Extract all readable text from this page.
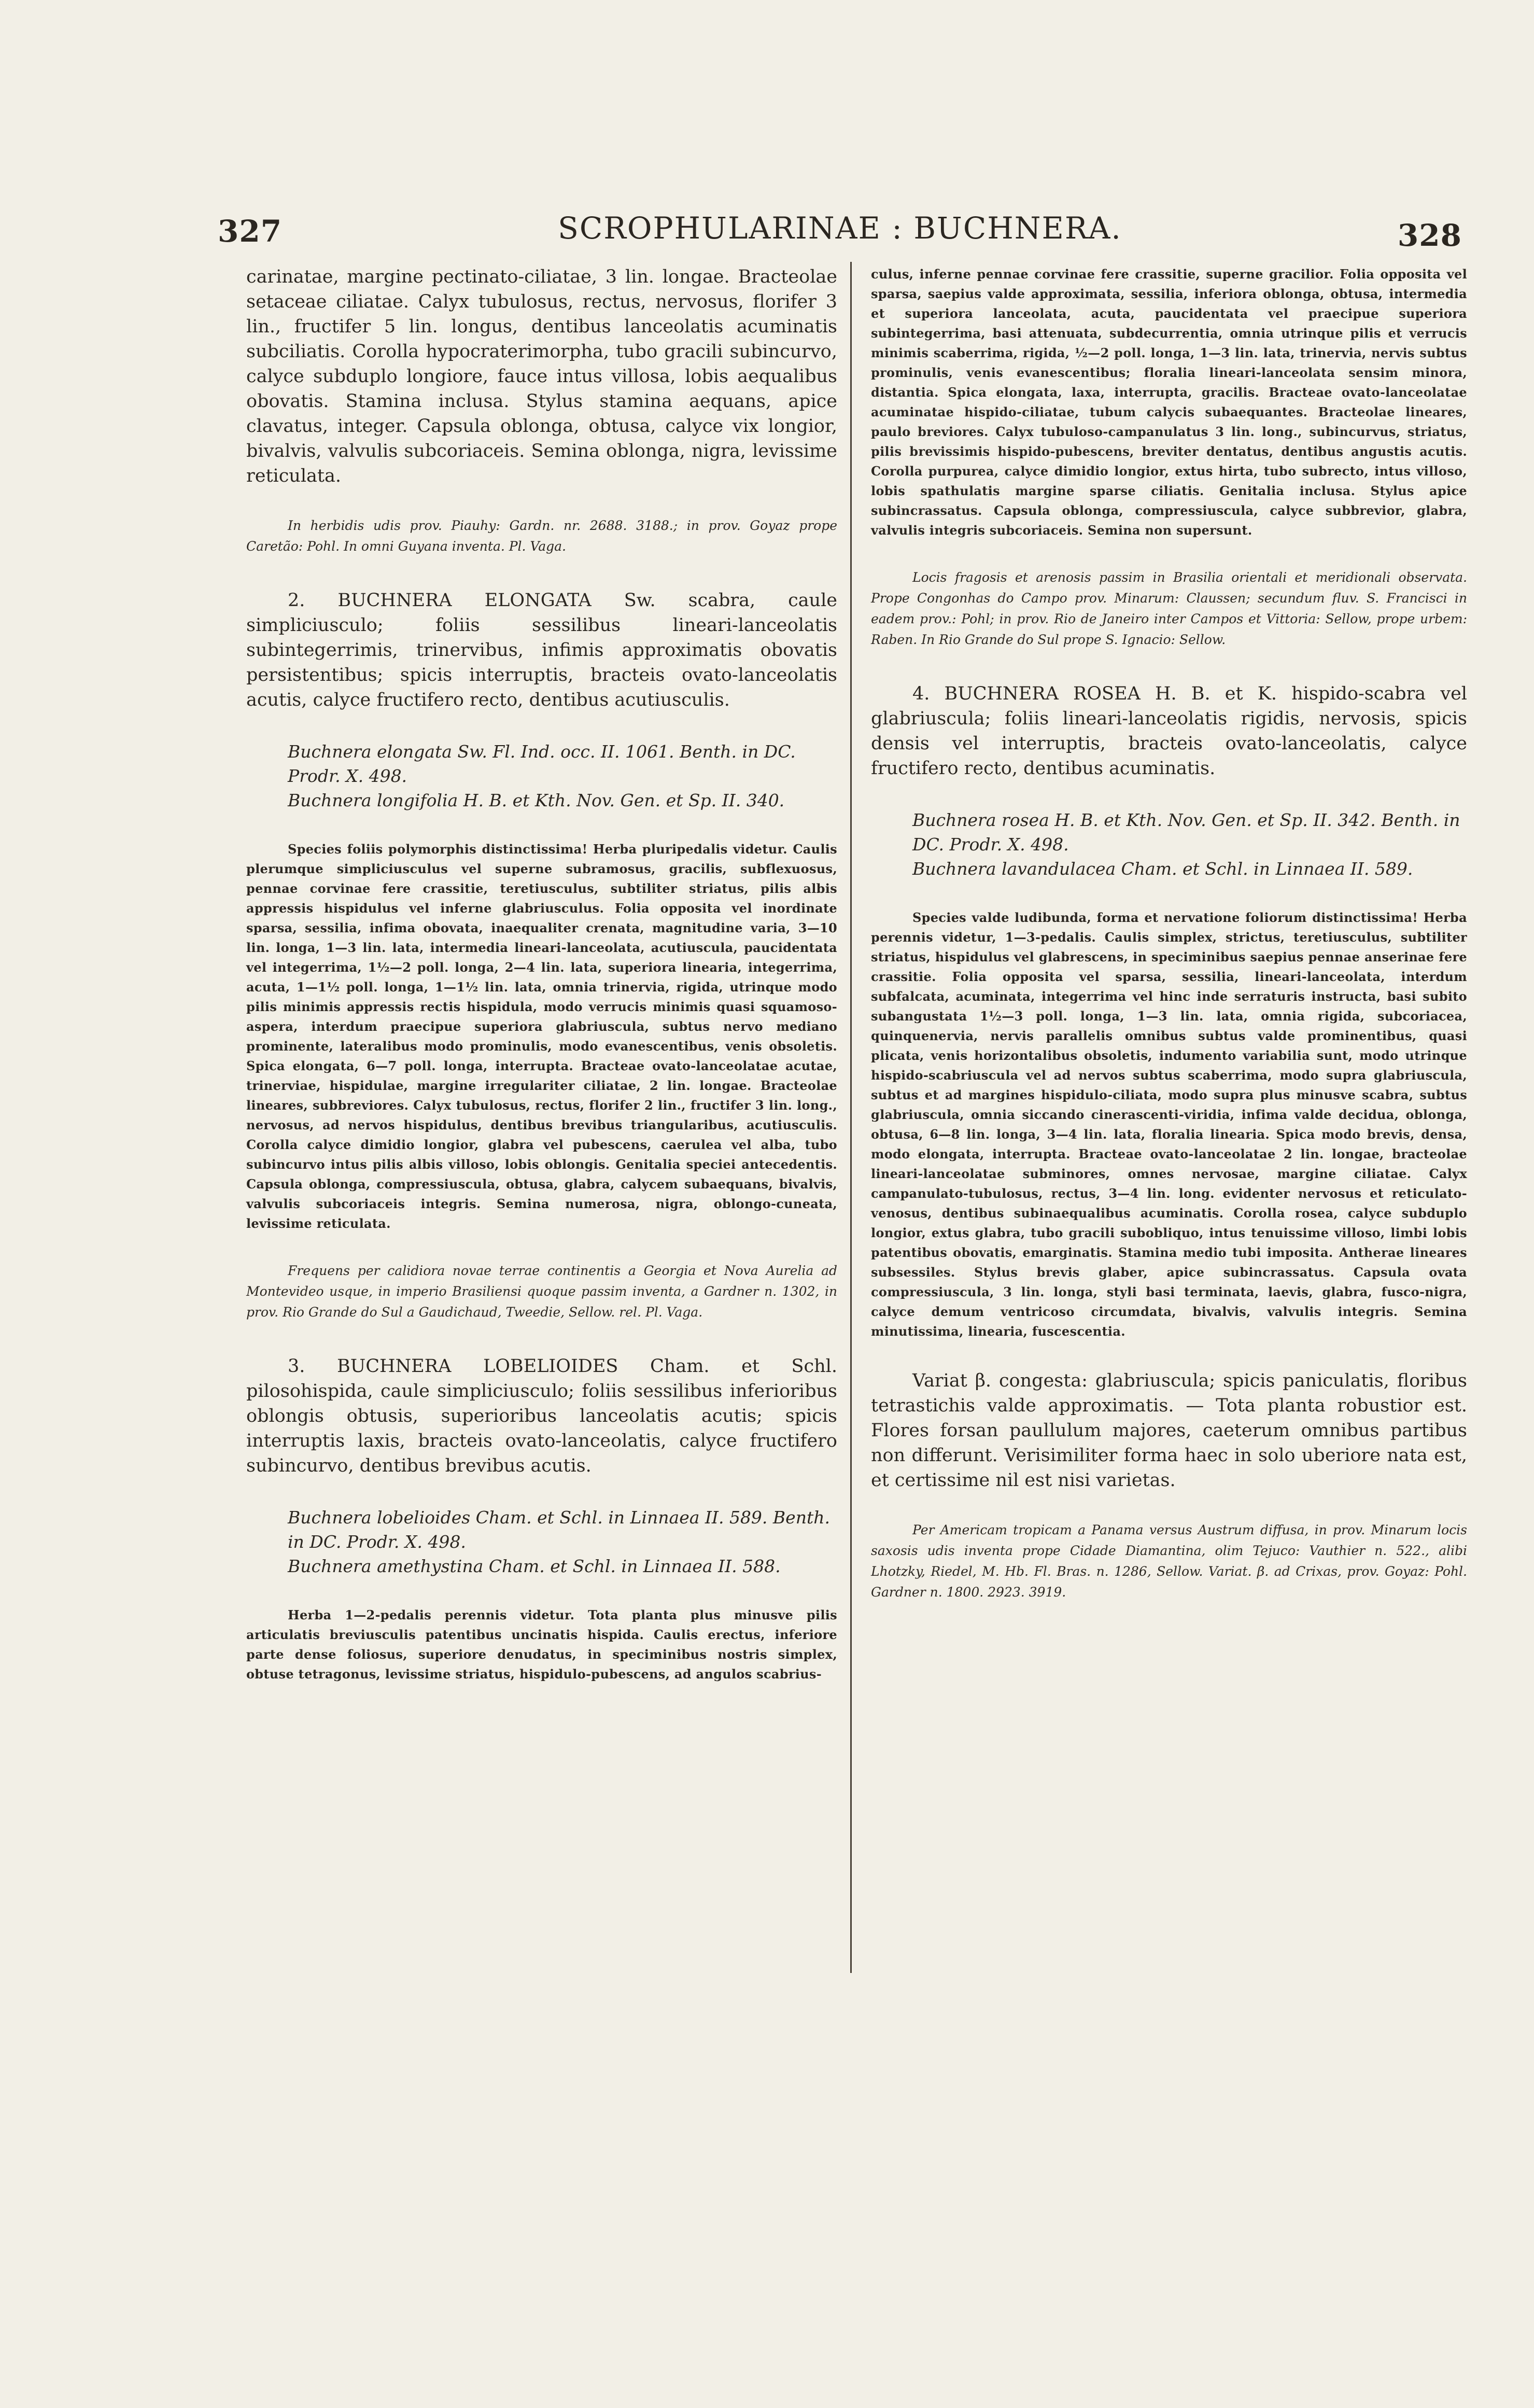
327	SCROPHULARINAE : BUCHNERA.	328

carinatae, margine pectinato-ciliatae, 3 lin. longae. Bracteolae setaceae ciliatae. Calyx tubulosus, rectus, nervosus, florifer 3 lin., fructifer 5 lin. longus, dentibus lanceolatis acuminatis subciliatis. Corolla hypocraterimorpha, tubo gracili subincurvo, calyce subduplo longiore, fauce intus villosa, lobis aequalibus obovatis. Stamina inclusa. Stylus stamina aequans, apice clavatus, integer. Capsula oblonga, obtusa, calyce vix longior, bivalvis, valvulis subcoriaceis. Semina oblonga, nigra, levissime reticulata.

In herbidis udis prov. Piauhy: Gardn. nr. 2688. 3188.; in prov. Goyaz prope Caretão: Pohl. In omni Guyana inventa. Pl. Vaga.

2. BUCHNERA ELONGATA Sw. scabra, caule simpliciusculo; foliis sessilibus lineari-lanceolatis subintegerrimis, trinervibus, infimis approximatis obovatis persistentibus; spicis interruptis, bracteis ovato-lanceolatis acutis, calyce fructifero recto, dentibus acutiusculis.

Buchnera elongata Sw. Fl. Ind. occ. II. 1061. Benth. in DC. Prodr. X. 498.

Buchnera longifolia H. B. et Kth. Nov. Gen. et Sp. II. 340.

Species foliis polymorphis distinctissima! Herba pluripedalis videtur. Caulis plerumque simpliciusculus vel superne subramosus, gracilis, subflexuosus, pennae corvinae fere crassitie, teretiusculus, subtiliter striatus, pilis albis appressis hispidulus vel inferne glabriusculus. Folia opposita vel inordinate sparsa, sessilia, infima obovata, inaequaliter crenata, magnitudine varia, 3—10 lin. longa, 1—3 lin. lata, intermedia lineari-lanceolata, acutiuscula, paucidentata vel integerrima, 1½—2 poll. longa, 2—4 lin. lata, superiora linearia, integerrima, acuta, 1—1½ poll. longa, 1—1½ lin. lata, omnia trinervia, rigida, utrinque modo pilis minimis appressis rectis hispidula, modo verrucis minimis quasi squamoso-aspera, interdum praecipue superiora glabriuscula, subtus nervo mediano prominente, lateralibus modo prominulis, modo evanescentibus, venis obsoletis. Spica elongata, 6—7 poll. longa, interrupta. Bracteae ovato-lanceolatae acutae, trinerviae, hispidulae, margine irregulariter ciliatae, 2 lin. longae. Bracteolae lineares, subbreviores. Calyx tubulosus, rectus, florifer 2 lin., fructifer 3 lin. long., nervosus, ad nervos hispidulus, dentibus brevibus triangularibus, acutiusculis. Corolla calyce dimidio longior, glabra vel pubescens, caerulea vel alba, tubo subincurvo intus pilis albis villoso, lobis oblongis. Genitalia speciei antecedentis. Capsula oblonga, compressiuscula, obtusa, glabra, calycem subaequans, bivalvis, valvulis subcoriaceis integris. Semina numerosa, nigra, oblongo-cuneata, levissime reticulata.

Frequens per calidiora novae terrae continentis a Georgia et Nova Aurelia ad Montevideo usque, in imperio Brasiliensi quoque passim inventa, a Gardner n. 1302, in prov. Rio Grande do Sul a Gaudichaud, Tweedie, Sellow. rel. Pl. Vaga.

3. BUCHNERA LOBELIOIDES Cham. et Schl. pilosohispida, caule simpliciusculo; foliis sessilibus inferioribus oblongis obtusis, superioribus lanceolatis acutis; spicis interruptis laxis, bracteis ovato-lanceolatis, calyce fructifero subincurvo, dentibus brevibus acutis.

Buchnera lobelioides Cham. et Schl. in Linnaea II. 589. Benth. in DC. Prodr. X. 498.

Buchnera amethystina Cham. et Schl. in Linnaea II. 588.

Herba 1—2-pedalis perennis videtur. Tota planta plus minusve pilis articulatis breviusculis patentibus uncinatis hispida. Caulis erectus, inferiore parte dense foliosus, superiore denudatus, in speciminibus nostris simplex, obtuse tetragonus, levissime striatus, hispidulo-pubescens, ad angulos scabrius-

culus, inferne pennae corvinae fere crassitie, superne gracilior. Folia opposita vel sparsa, saepius valde approximata, sessilia, inferiora oblonga, obtusa, intermedia et superiora lanceolata, acuta, paucidentata vel praecipue superiora subintegerrima, basi attenuata, subdecurrentia, omnia utrinque pilis et verrucis minimis scaberrima, rigida, ½—2 poll. longa, 1—3 lin. lata, trinervia, nervis subtus prominulis, venis evanescentibus; floralia lineari-lanceolata sensim minora, distantia. Spica elongata, laxa, interrupta, gracilis. Bracteae ovato-lanceolatae acuminatae hispido-ciliatae, tubum calycis subaequantes. Bracteolae lineares, paulo breviores. Calyx tubuloso-campanulatus 3 lin. long., subincurvus, striatus, pilis brevissimis hispido-pubescens, breviter dentatus, dentibus angustis acutis. Corolla purpurea, calyce dimidio longior, extus hirta, tubo subrecto, intus villoso, lobis spathulatis margine sparse ciliatis. Genitalia inclusa. Stylus apice subincrassatus. Capsula oblonga, compressiuscula, calyce subbrevior, glabra, valvulis integris subcoriaceis. Semina non supersunt.

Locis fragosis et arenosis passim in Brasilia orientali et meridionali observata. Prope Congonhas do Campo prov. Minarum: Claussen; secundum fluv. S. Francisci in eadem prov.: Pohl; in prov. Rio de Janeiro inter Campos et Vittoria: Sellow, prope urbem: Raben. In Rio Grande do Sul prope S. Ignacio: Sellow.

4. BUCHNERA ROSEA H. B. et K. hispido-scabra vel glabriuscula; foliis lineari-lanceolatis rigidis, nervosis, spicis densis vel interruptis, bracteis ovato-lanceolatis, calyce fructifero recto, dentibus acuminatis.

Buchnera rosea H. B. et Kth. Nov. Gen. et Sp. II. 342. Benth. in DC. Prodr. X. 498.

Buchnera lavandulacea Cham. et Schl. in Linnaea II. 589.

Species valde ludibunda, forma et nervatione foliorum distinctissima! Herba perennis videtur, 1—3-pedalis. Caulis simplex, strictus, teretiusculus, subtiliter striatus, hispidulus vel glabrescens, in speciminibus saepius pennae anserinae fere crassitie. Folia opposita vel sparsa, sessilia, lineari-lanceolata, interdum subfalcata, acuminata, integerrima vel hinc inde serraturis instructa, basi subito subangustata 1½—3 poll. longa, 1—3 lin. lata, omnia rigida, subcoriacea, quinquenervia, nervis parallelis omnibus subtus valde prominentibus, quasi plicata, venis horizontalibus obsoletis, indumento variabilia sunt, modo utrinque hispido-scabriuscula vel ad nervos subtus scaberrima, modo supra glabriuscula, subtus et ad margines hispidulo-ciliata, modo supra plus minusve scabra, subtus glabriuscula, omnia siccando cinerascenti-viridia, infima valde decidua, oblonga, obtusa, 6—8 lin. longa, 3—4 lin. lata, floralia linearia. Spica modo brevis, densa, modo elongata, interrupta. Bracteae ovato-lanceolatae 2 lin. longae, bracteolae lineari-lanceolatae subminores, omnes nervosae, margine ciliatae. Calyx campanulato-tubulosus, rectus, 3—4 lin. long. evidenter nervosus et reticulato-venosus, dentibus subinaequalibus acuminatis. Corolla rosea, calyce subduplo longior, extus glabra, tubo gracili subobliquo, intus tenuissime villoso, limbi lobis patentibus obovatis, emarginatis. Stamina medio tubi imposita. Antherae lineares subsessiles. Stylus brevis glaber, apice subincrassatus. Capsula ovata compressiuscula, 3 lin. longa, styli basi terminata, laevis, glabra, fusco-nigra, calyce demum ventricoso circumdata, bivalvis, valvulis integris. Semina minutissima, linearia, fuscescentia.

Variat β. congesta: glabriuscula; spicis paniculatis, floribus tetrastichis valde approximatis. — Tota planta robustior est. Flores forsan paullulum majores, caeterum omnibus partibus non differunt. Verisimiliter forma haec in solo uberiore nata est, et certissime nil est nisi varietas.

Per Americam tropicam a Panama versus Austrum diffusa, in prov. Minarum locis saxosis udis inventa prope Cidade Diamantina, olim Tejuco: Vauthier n. 522., alibi Lhotzky, Riedel, M. Hb. Fl. Bras. n. 1286, Sellow. Variat. β. ad Crixas, prov. Goyaz: Pohl. Gardner n. 1800. 2923. 3919.
